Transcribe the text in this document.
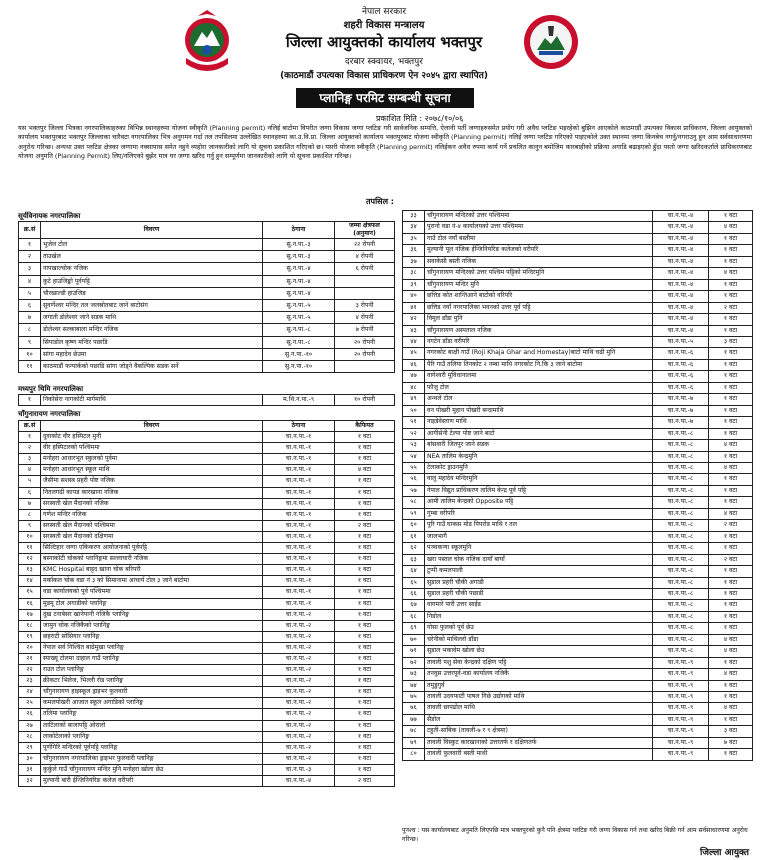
नेपाल सरकार
शहरी विकास मन्त्रालय
जिल्ला आयुक्तको कार्यालय भक्तपुर
दरबार स्क्वायर, भक्तपुर
(काठमाडौं उपत्यका विकास प्राधिकरण ऐन २०४५ द्वारा स्थापित)
प्लानिङ्ग परमिट सम्बन्धी सूचना
प्रकाशित मिति : २०७८/१०/०६
यस भक्तपुर जिल्ला भित्रका नगरपालिकाहरुका विभिन्न स्थानहरुमा योजना स्वीकृति (Planning permit) नलिई बाटोमा विपरीत जग्गा विकास जग्गा प्लटिङ गरी सार्वजनिक सम्पत्ति, ऐलानी पर्ती जग्गाहरुसमेत प्रयोग गरी अवैध प्लटिङ भइरहेको बुझिन आएकोले काठमाडौं उपत्यका विकास प्राधिकरण, जिल्ला आयुक्तको कार्यालय भक्तपुरबाट भक्तपुर जिल्लाका चारैवटा नगरपालिका भित्र अनुगमन गर्दा तल तपसिलमा उल्लेखित स्थानहरुमा का.उ.वि.प्रा. जिल्ला आयुक्तको कार्यालय भक्तपुरबाट योजना स्वीकृति (Planning permit) नलिई जग्गा प्लटिङ गरिएको पाइएकोले उक्त स्थानमा जग्गा किनबेच नगर्नु/नगराउनु हुन आम सर्वसाधारणमा अनुरोध गरिन्छ। अन्यथा उक्त प्लटिङ क्षेत्रका जग्गामा नक्सापास समेत नहुने व्यहोरा जानकारीको लागि यो सूचना प्रकाशित गरिएको छ। यसरी योजना स्वीकृति (Planning permit) नलिईकन अवैध रुपमा कार्य गर्ने प्रचलित कानुन बमोजिम कारबाहीको प्रक्रिया अगाडि बढाइएको हुँदा यस्तो जग्गा खरिदकर्ताले प्राधिकरणबाट योजना अनुमति (Planning Permit) लिए/नलिएको बुझेर मात्र घर जग्गा खरिद गर्नु हुन सम्पूर्णमा जानकारीको लागि यो सूचना प्रकाशित गरिन्छ।
तपसिल :
सूर्यविनायक नगरपालिका
क्र.सं	विवरण	ठेगाना	जम्मा क्षेत्रफल (अनुमान)
१	भुजेल टोल	सु.न.पा.-३	२२ रोपनी
२	ताउखेल	सु.न.पा.-३	४ रोपनी
३	नापखाल्चोक नजिक	सु.न.पा.-४	६ रोपनी
४	कुटे हाउजिङ्को पूर्वपट्टि	सु.न.पा.-४	
५	चौरखाल्डी हाउजिङ	सु.न.पा.-४	
६	सुवर्णेश्वर मन्दिर तल जलस्रोतबाट जाने बाटोसंग	सु.न.पा.-५	३ रोपनी
७	जगाती डोलेश्वर जाने सडक माथि	सु.न.पा.-५	४ रोपनी
८	डोलेश्वर सल्काबाला मन्दिर नजिक	सु.न.पा.-८	७ रोपनी
९	सिपाडोल कृष्ण मन्दिर पछाडि	सु.न.पा.-८	२० रोपनी
१०	सांगा महादेव छेउमा	सु.न.पा.-१०	२० रोपनी
११	काठमाडौं फन्पार्कको पछाडि सांगा जोड्ने वैकल्पिक सडक सर्ने	सु.न.पा.-१०	
मध्यपुर थिमि नगरपालिका
१	निकोसेरा नागकोटी मार्गमाथि	म.थि.न.पा.-९	१० रोपनी
चाँगुनारायण नगरपालिका
क्र.सं	विवरण	ठेगाना	कैफियत
१	दुवाकोट वीर हस्पिटल मुनी	चा.न.पा.-१	१ वटा
२	वीर हस्पिटलको पश्चिममा	चा.न.पा.-१	१ वटा
३	मनोहरा आधारभूत स्कुलको पूर्वमा	चा.न.पा.-१	१ वटा
४	मनोहरा आधारभूत स्कूल माथि	चा.न.पा.-१	४ वटा
५	जैसीमा सशस्त्र प्रहरी पोष्ट नजिक	चा.न.पा.-१	१ वटा
६	नितलगढी कापड कारखाना नजिक	चा.न.पा.-१	१ वटा
७	सरस्वती खेल मैदानको नजिक	चा.न.पा.-१	१ वटा
८	गणेश मन्दिर नजिक	चा.न.पा.-१	१ वटा
९	सरस्वती खेल मैदानको पश्चिममा	चा.न.पा.-१	२ वटा
१०	सरस्वती खेल मैदानको दक्षिणमा	चा.न.पा.-१	१ वटा
११	सिल्टिहार जग्गा एकिकरण आयोजनाको पूर्वपट्टि	चा.न.पा.-१	१ वटा
१२	बस्नाकोटी चोकको प्लानिङ्गमा सल्लाघारी नजिक	चा.न.पा.-१	१ वटा
१३	KMC Hospital बाट्टद खाना चोक बरिपरी	चा.न.पा.-१	१ वटा
१४	मर्काकल चोक वडा नं ३ को सिमानामा आचार्य टोल ३ जाने बाटोमा	चा.न.पा.-१	१ वटा
१५	वडा कार्यालयको पूर्व पश्चिममा	चा.न.पा.-१	१ वटा
१६	मुडमू टोल अगाडीको प्लानिङ्ग	चा.न.पा.-१	१ वटा
१७	दुख टनाबेसर खानेपानी नजिकै प्लानिङ्ग	चा.न.पा.-२	१ वटा
१८	जामुन चोक नजिकैको प्लानिङ्ग	चा.न.पा.-२	१ वटा
१९	छहराटी सोसियार प्लानिङ्ग	चा.न.पा.-२	१ वटा
२०	नेपाल सर्व निश्चित बाढेमुखा प्लानिङ्ग	चा.न.पा.-२	१ वटा
२१	स्याख्यू टोलमा दाहाल गाउँ प्लानिङ्ग	चा.न.पा.-२	१ वटा
२२	राउत टोल प्लानिङ्ग	चा.न.पा.-२	१ वटा
२३	क्रीकटर भिलेज, भिल्ली रोड प्लानिङ्ग	चा.न.पा.-२	१ वटा
२४	चाँगुनारायण हाइस्कूल ड्राइभर फुलवारी	चा.न.पा.-२	१ वटा
२५	कमलपोखरी आजात स्कूल अगाडिको प्लानिङ्ग	चा.न.पा.-२	१ वटा
२६	तलिमा प्लानिङ्ग	चा.न.पा.-२	१ वटा
२७	लाटिलाको बाजापट्टि ओरालो	चा.न.पा.-२	१ वटा
२८	लाकोटेलाको प्लानिङ्ग	चा.न.पा.-२	१ वटा
२९	पूर्णगिरि मन्दिरको पूर्वपट्टि प्लानिङ्ग	चा.न.पा.-२	१ वटा
३०	चाँगुनारायण नगरपालिका ड्राइभर फुलवारी प्लानिङ्ग	चा.न.पा.-२	१ वटा
३१	कुर्कुले गाउँ चाँगुनारायण मन्दिर मुनि मनोहरा खोला छेउ	चा.न.पा.-३	१ वटा
३२	मुल्पानी बारी ईन्जिनियरिङ कलेज वरीपरी	चा.न.पा.-४	२ वटा
३३	चाँगुनारायण मन्दिरको उत्तर पश्चिममा	चा.न.पा.-४	१ वटा
३४	पुरानो वडा नं-४ कार्यालयको उत्तर पश्चिममा	चा.न.पा.-४	४ वटा
३५	गाउँ टोल नयाँ बस्तीमा	चा.न.पा.-४	१ वटा
३६	मुल्पानी पूल नजिक ईन्जिनियरिङ कलेजको वरीपरि	चा.न.पा.-४	१ वटा
३७	सवाकेसी बस्ती नजिक	चा.न.पा.-४	१ वटा
३८	चाँगुनारायण मन्दिरको उत्तर पश्चिम पट्टिको मन्दिरमुनि	चा.न.पा.-४	४ वटा
३९	चाँगुनारायण मन्दिर मुनि	चा.न.पा.-४	१ वटा
४०	छत्तिड कोत शान्तिआने बाटोको वरिपरि	चा.न.पा.-४	१ वटा
४१	छत्तिड नयाँ नगरपालिका भवनको उत्तर पूर्व पट्टि	चा.न.पा.-४	२ वटा
४२	विमुल डाँडा मुनि	चा.न.पा.-४	१ वटा
४३	चाँगुनारायण अस्पताल नजिक	चा.न.पा.-४	१ वटा
४४	नगटेन डाँडा वरीपरि	चा.न.पा.-५	३ वटा
४५	नगरकोट बाक्षी गाउँ (Roji Khaja Ghar and Homestay)बाटो माथि चढी मुनि	चा.न.पा.-६	१ वटा
४६	पैरि गाउँ तलिया तिनकोट २ नम्बा माथि नगरकोट नि.कि ३ जाने बाटोमा	चा.न.पा.-६	१ वटा
४७	वागेश्वरी मुविधानालमा	चा.न.पा.-६	१ वटा
४८	फौजु टोल	चा.न.पा.-६	१ वटा
४९	अन्थले टोल	चा.न.पा.-७	१ वटा
५०	वन पोखरी मुहान पोखरी बन्दामाथि	चा.न.पा.-७	१ वटा
५१	नाइडेवेस्ताण माथि	चा.न.पा.-७	१ वटा
५२	आगीसेनी टेल्पा पोष्ट जाने बाटो	चा.न.पा.-८	१ वटा
५३	बांसवारी जितपुर जाने सडक	चा.न.पा.-८	४ वटा
५४	NEA तालिम केन्द्रमुनि	चा.न.पा.-८	१ वटा
५५	टेलाकोट ड्राउनमुनि	चा.न.पा.-८	४ वटा
५६	वालु महादेव मन्दिरमुनि	चा.न.पा.-८	१ वटा
५७	नेपाल विद्युत प्राधिकरण तालिम केन्द्र पूर्व पट्टि	चा.न.पा.-८	१ वटा
५८	आमी तालिम केन्द्रको Opposite पट्टि	चा.न.पा.-८	१ वटा
५९	गुम्बा वरीपरि	चा.न.पा.-८	४ वटा
६०	पुरि गाउँ घाकस मोड पिपरोड माथि र तल	चा.न.पा.-८	२ वटा
६१	जालभागै	चा.न.पा.-८	१ वटा
६२	पञ्चकन्या स्कूलमुनि	चा.न.पा.-८	१ वटा
६३	खरा पस्तल चोक नजिक दायाँ बायाँ	चा.न.पा.-८	२ वटा
६४	टुप्पी कमलपाली	चा.न.पा.-८	१ वटा
६५	सुडाल प्रहरी चौकी अगाडी	चा.न.पा.-८	१ वटा
६६	सुडाल प्रहरी चौकी पछाडी	चा.न.पा.-८	१ वटा
६७	वागमारे पारी उत्तर साईड	चा.न.पा.-८	१ वटा
६८	निडोल	चा.न.पा.-८	१ वटा
६९	गोसा फुलको पूर्व छेउ	चा.न.पा.-८	१ वटा
७०	चरेनीको माथिल्लो डाँडा	चा.न.पा.-८	४ वटा
७१	सुडाल भकावेम खोला छेउ	चा.न.पा.-८	४ वटा
७२	तावली पशु सेवा केन्द्रको दक्षिण पट्टि	चा.न.पा.-९	१ वटा
७३	तनवुस उत्तरपूर्व-वडा कार्यालय नजिकै	चा.न.पा.-९	४ वटा
७४	तमुडुगुर्व	चा.न.पा.-९	१ वटा
७५	तावली उदयफाटी पाषल गिछे उद्योगको माथि	चा.न.पा.-९	१ वटा
७६	तावली छापढोल माथि	चा.न.पा.-९	४ वटा
७७	सैडोल	चा.न.पा.-९	१ वटा
७८	टहुती-साबिक (तावली-७ र ९ क्षेत्रमा)	चा.न.पा.-९	३ वटा
७९	तावली विस्कुट कारखानाको उत्तरतर्फ र दक्षिणतर्फ	चा.न.पा.-९	७ वटा
८०	तावली फुलवारी बस्ती माथी	चा.न.पा.-९	१ वटा
पुनश्च : यस कार्यालयबाट अनुमति लिएपछि मात्र भक्तपुरको कुनै पनि क्षेत्रमा प्लटिङ गरी जग्गा विकास गर्न तथा खरिद बिक्री गर्न आम सर्वसाधारणमा अनुरोध गरिन्छ।
जिल्ला आयुक्त
